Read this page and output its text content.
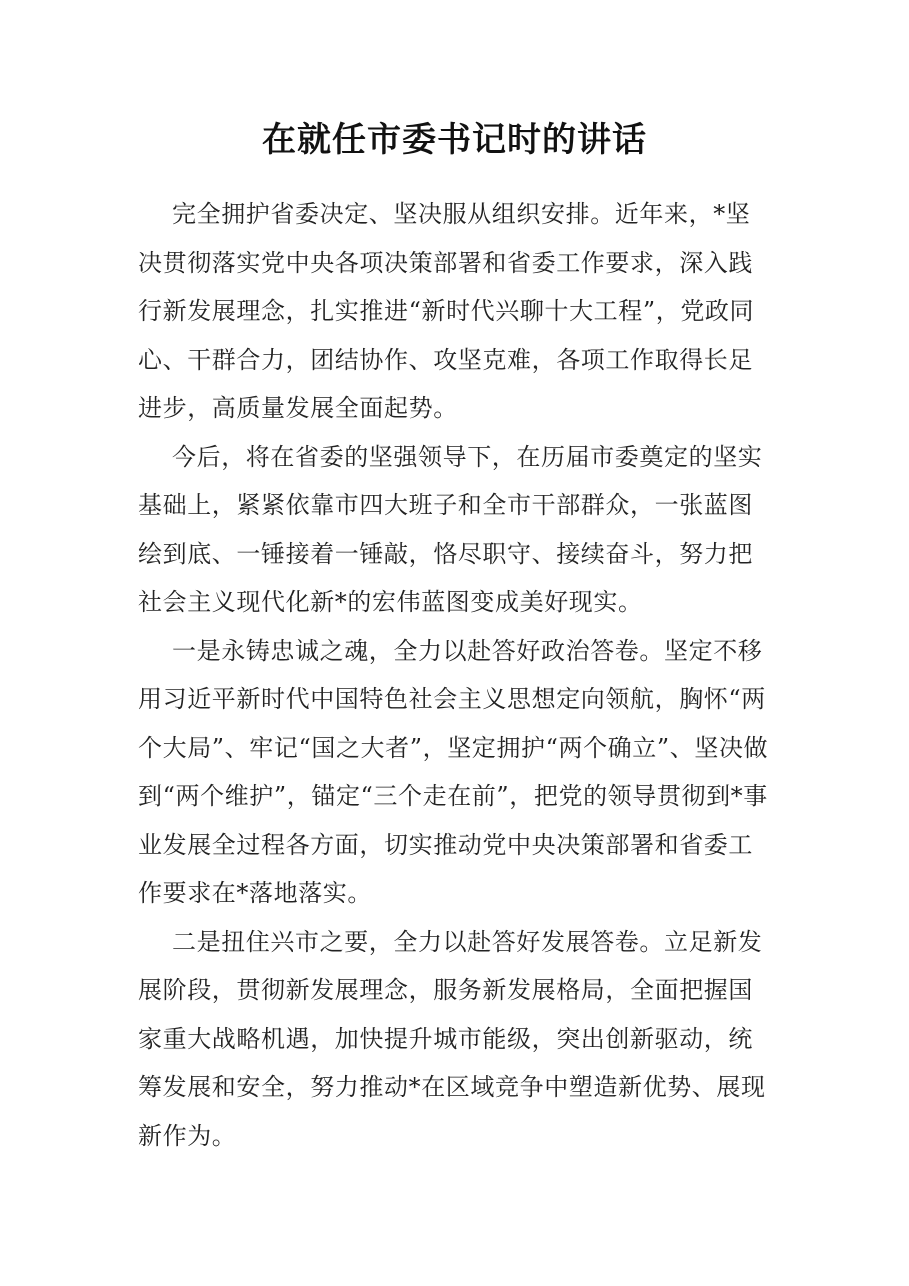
在就任市委书记时的讲话

完全拥护省委决定、坚决服从组织安排。近年来，*坚决贯彻落实党中央各项决策部署和省委工作要求，深入践行新发展理念，扎实推进“新时代兴聊十大工程”，党政同心、干群合力，团结协作、攻坚克难，各项工作取得长足进步，高质量发展全面起势。

今后，将在省委的坚强领导下，在历届市委奠定的坚实基础上，紧紧依靠市四大班子和全市干部群众，一张蓝图绘到底、一锤接着一锤敲，恪尽职守、接续奋斗，努力把社会主义现代化新*的宏伟蓝图变成美好现实。

一是永铸忠诚之魂，全力以赴答好政治答卷。坚定不移用习近平新时代中国特色社会主义思想定向领航，胸怀“两个大局”、牢记“国之大者”，坚定拥护“两个确立”、坚决做到“两个维护”，锚定“三个走在前”，把党的领导贯彻到*事业发展全过程各方面，切实推动党中央决策部署和省委工作要求在*落地落实。

二是扭住兴市之要，全力以赴答好发展答卷。立足新发展阶段，贯彻新发展理念，服务新发展格局，全面把握国家重大战略机遇，加快提升城市能级，突出创新驱动，统筹发展和安全，努力推动*在区域竞争中塑造新优势、展现新作为。
